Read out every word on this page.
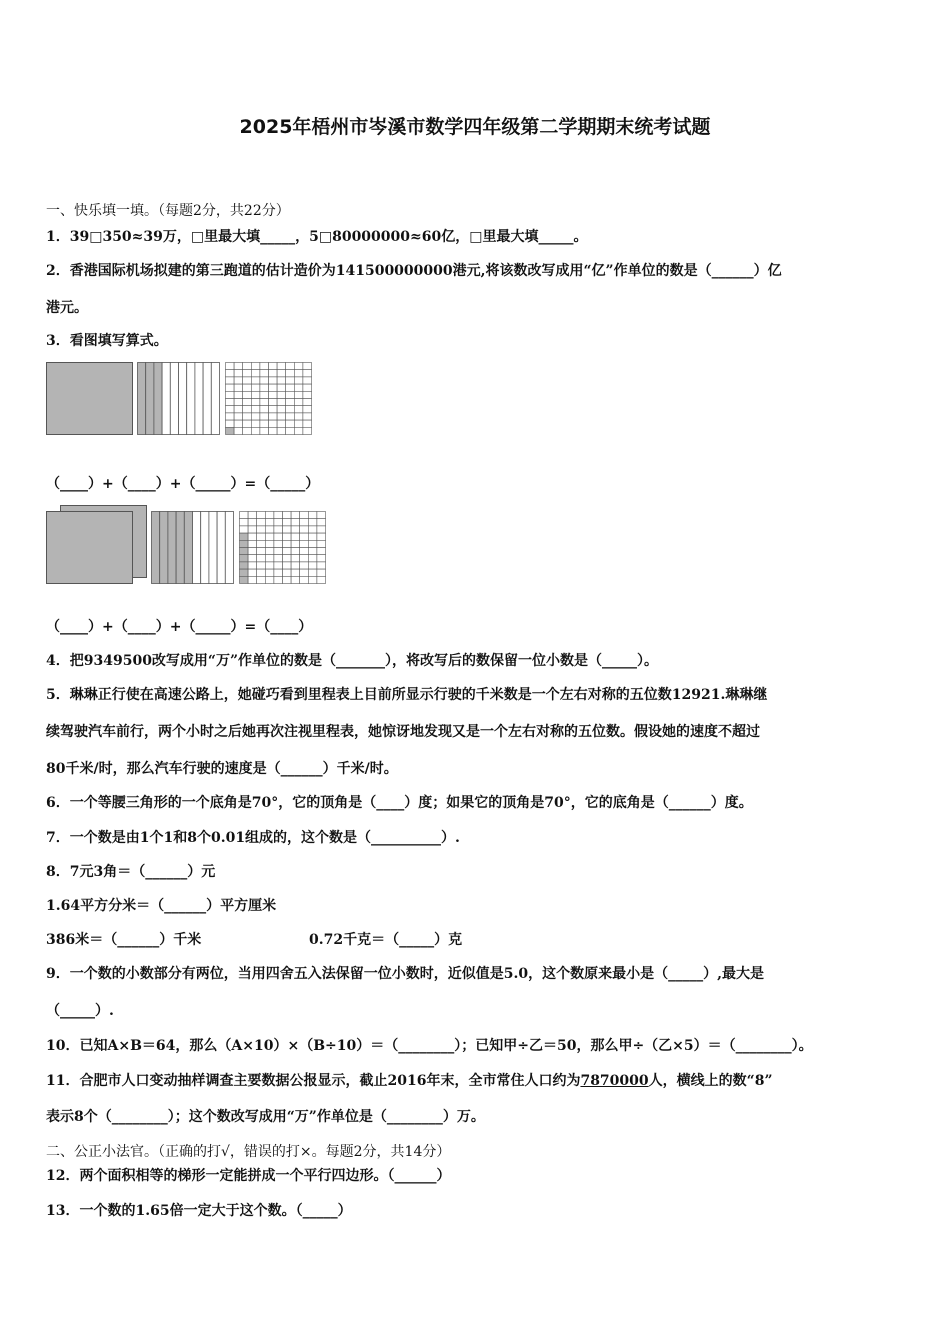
2025年梧州市岑溪市数学四年级第二学期期末统考试题
一、快乐填一填。（每题2分，共22分）
1．39□350≈39万，□里最大填_____，5□80000000≈60亿，□里最大填_____。
2．香港国际机场拟建的第三跑道的估计造价为141500000000港元,将该数改写成用“亿”作单位的数是（______）亿
港元。
3．看图填写算式。
（____）+（____）+（_____）=（_____）
（____）+（____）+（_____）=（____）
4．把9349500改写成用“万”作单位的数是（_______），将改写后的数保留一位小数是（_____）。
5．琳琳正行使在高速公路上，她碰巧看到里程表上目前所显示行驶的千米数是一个左右对称的五位数12921.琳琳继
续驾驶汽车前行，两个小时之后她再次注视里程表，她惊讶地发现又是一个左右对称的五位数。假设她的速度不超过
80千米/时，那么汽车行驶的速度是（______）千米/时。
6．一个等腰三角形的一个底角是70°，它的顶角是（____）度；如果它的顶角是70°，它的底角是（______）度。
7．一个数是由1个1和8个0.01组成的，这个数是（__________）.
8．7元3角＝（______）元
1.64平方分米＝（______）平方厘米
386米＝（______）千米	0.72千克＝（_____）克
9．一个数的小数部分有两位，当用四舍五入法保留一位小数时，近似值是5.0，这个数原来最小是（_____）,最大是
（_____）.
10．已知A×B＝64，那么（A×10）×（B÷10）＝（________）；已知甲÷乙＝50，那么甲÷（乙×5）＝（________）。
11．合肥市人口变动抽样调查主要数据公报显示，截止2016年末，全市常住人口约为7870000人，横线上的数“8”
表示8个（________）；这个数改写成用“万”作单位是（________）万。
二、公正小法官。（正确的打√，错误的打×。每题2分，共14分）
12．两个面积相等的梯形一定能拼成一个平行四边形。（______）
13．一个数的1.65倍一定大于这个数。（_____）
